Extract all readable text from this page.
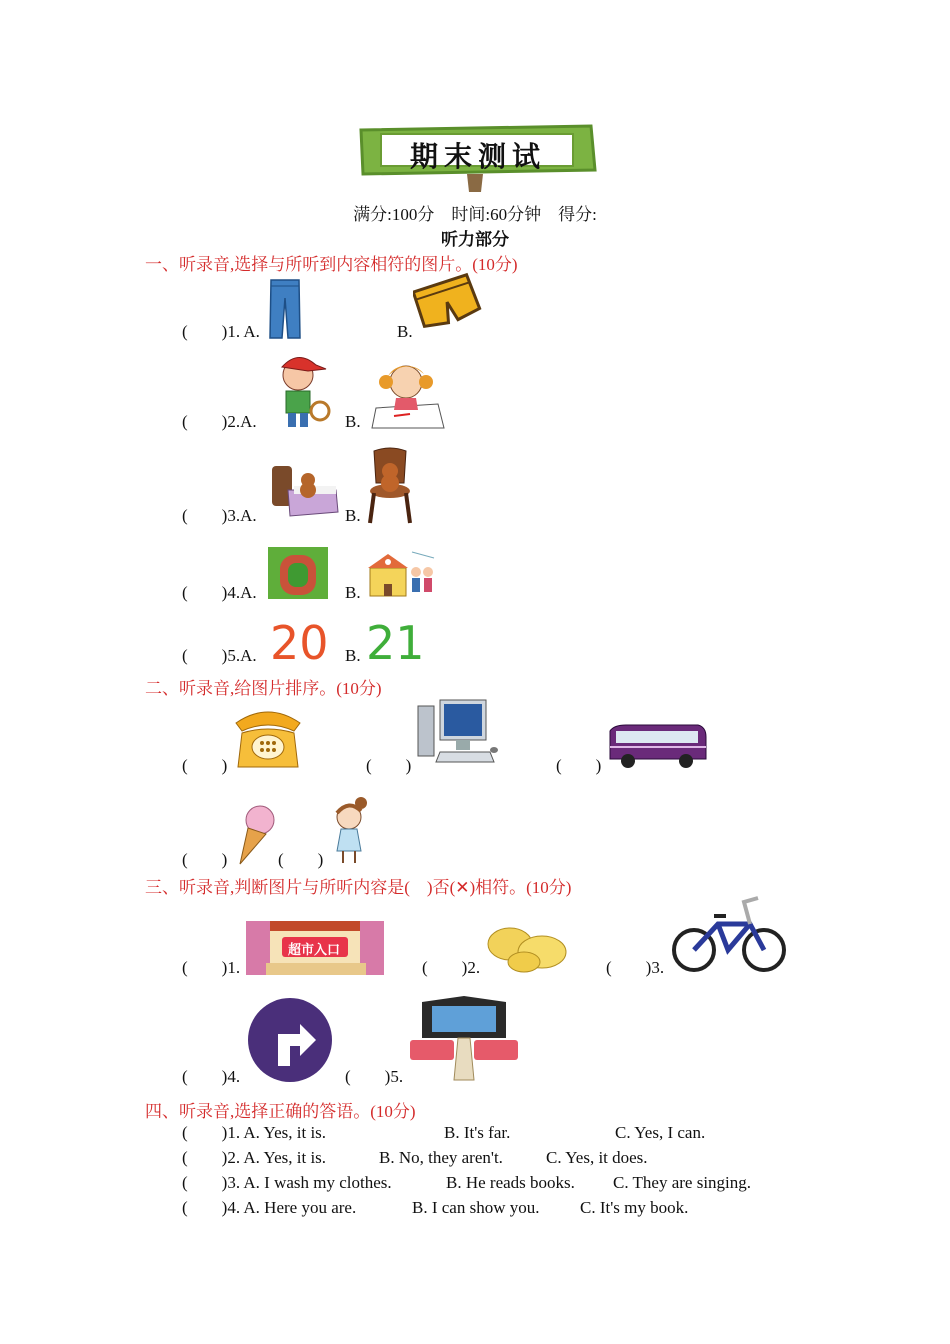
期末测试
满分:100分    时间:60分钟    得分:
听力部分
一、听录音,选择与所听到内容相符的图片。(10分)
(        )1. A.	B.
(        )2.A.	B.
(        )3.A.	B.
(        )4.A.	B.
(        )5.A. 20 B. 21
二、听录音,给图片排序。(10分)
(        )	(        )	(        )
(        )	(        )
三、听录音,判断图片与所听内容是(    )否(✕)相符。(10分)
(        )1.
超市入口
(        )2.	(        )3.
(        )4.	(        )5.
四、听录音,选择正确的答语。(10分)
(        )1. A. Yes, it is.	B. It's far.	C. Yes, I can.
(        )2. A. Yes, it is.	B. No, they aren't.	C. Yes, it does.
(        )3. A. I wash my clothes.	B. He reads books. C. They are singing.
(        )4. A. Here you are.	B. I can show you. C. It's my book.
